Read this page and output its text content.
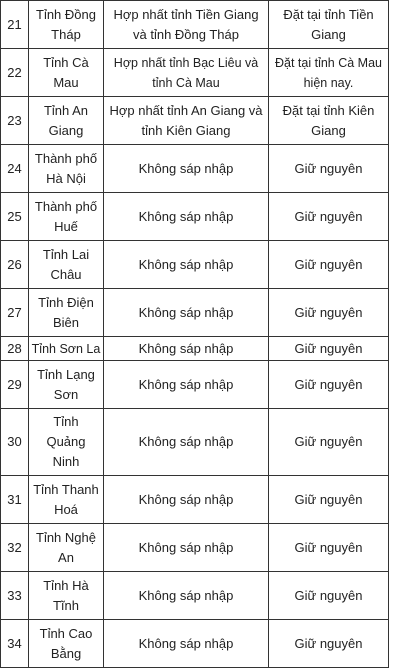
21	Tỉnh Đồng Tháp	Hợp nhất tỉnh Tiền Giang và tỉnh Đồng Tháp	Đặt tại tỉnh Tiền Giang
22	Tỉnh Cà Mau	Hợp nhất tỉnh Bạc Liêu và tỉnh Cà Mau	Đặt tại tỉnh Cà Mau hiện nay.
23	Tỉnh An Giang	Hợp nhất tỉnh An Giang và tỉnh Kiên Giang	Đặt tại tỉnh Kiên Giang
24	Thành phố Hà Nội	Không sáp nhập	Giữ nguyên
25	Thành phố Huế	Không sáp nhập	Giữ nguyên
26	Tỉnh Lai Châu	Không sáp nhập	Giữ nguyên
27	Tỉnh Điện Biên	Không sáp nhập	Giữ nguyên
28	Tỉnh Sơn La	Không sáp nhập	Giữ nguyên
29	Tỉnh Lạng Sơn	Không sáp nhập	Giữ nguyên
30	Tỉnh Quảng Ninh	Không sáp nhập	Giữ nguyên
31	Tỉnh Thanh Hoá	Không sáp nhập	Giữ nguyên
32	Tỉnh Nghệ An	Không sáp nhập	Giữ nguyên
33	Tỉnh Hà Tĩnh	Không sáp nhập	Giữ nguyên
34	Tỉnh Cao Bằng	Không sáp nhập	Giữ nguyên
